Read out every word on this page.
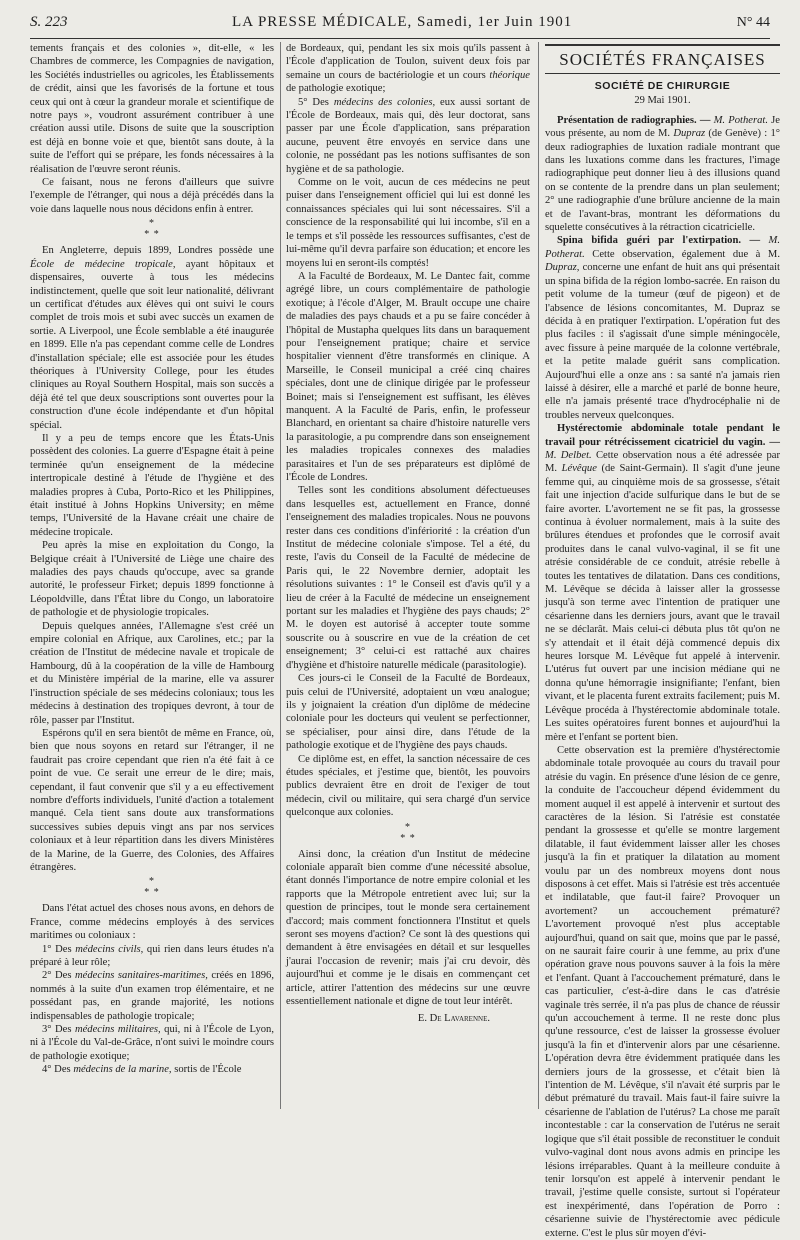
S. 223	LA PRESSE MÉDICALE, Samedi, 1er Juin 1901	N° 44

tements français et des colonies », dit-elle, « les Chambres de commerce, les Compagnies de navigation, les Sociétés industrielles ou agricoles, les Établissements de crédit, ainsi que les favorisés de la fortune et tous ceux qui ont à cœur la grandeur morale et scientifique de notre pays », voudront assurément contribuer à une création aussi utile. Disons de suite que la souscription est déjà en bonne voie et que, bientôt sans doute, à la suite de l'effort qui se prépare, les fonds nécessaires à la réalisation de l'œuvre seront réunis.

Ce faisant, nous ne ferons d'ailleurs que suivre l'exemple de l'étranger, qui nous a déjà précédés dans la voie dans laquelle nous nous décidons enfin à entrer.

*
* *

En Angleterre, depuis 1899, Londres possède une École de médecine tropicale, ayant hôpitaux et dispensaires, ouverte à tous les médecins indistinctement, quelle que soit leur nationalité, délivrant un certificat d'études aux élèves qui ont suivi le cours complet de trois mois et subi avec succès un examen de sortie. A Liverpool, une École semblable a été inaugurée en 1899. Elle n'a pas cependant comme celle de Londres d'installation spéciale; elle est associée pour les études théoriques à l'University College, pour les études cliniques au Royal Southern Hospital, mais son succès a déjà été tel que deux souscriptions sont ouvertes pour la construction d'une école indépendante et d'un hôpital spécial.

Il y a peu de temps encore que les États-Unis possèdent des colonies. La guerre d'Espagne était à peine terminée qu'un enseignement de la médecine intertropicale destiné à l'étude de l'hygiène et des maladies propres à Cuba, Porto-Rico et les Philippines, était institué à Johns Hopkins University; en même temps, l'Université de la Havane créait une chaire de médecine tropicale.

Peu après la mise en exploitation du Congo, la Belgique créait à l'Université de Liège une chaire des maladies des pays chauds qu'occupe, avec sa grande autorité, le professeur Firket; depuis 1899 fonctionne à Léopoldville, dans l'État libre du Congo, un laboratoire de pathologie et de physiologie tropicales.

Depuis quelques années, l'Allemagne s'est créé un empire colonial en Afrique, aux Carolines, etc.; par la création de l'Institut de médecine navale et tropicale de Hambourg, dû à la coopération de la ville de Hambourg et du Ministère impérial de la marine, elle va assurer l'instruction spéciale de ses médecins coloniaux; tous les médecins à destination des tropiques devront, à tour de rôle, passer par l'Institut.

Espérons qu'il en sera bientôt de même en France, où, bien que nous soyons en retard sur l'étranger, il ne faudrait pas croire cependant que rien n'a été fait à ce point de vue. Ce serait une erreur de le dire; mais, cependant, il faut convenir que s'il y a eu effectivement nombre d'efforts individuels, l'unité d'action a totalement manqué. Cela tient sans doute aux transformations successives subies depuis vingt ans par nos services coloniaux et à leur répartition dans les divers Ministères de la Marine, de la Guerre, des Colonies, des Affaires étrangères.

*
* *

Dans l'état actuel des choses nous avons, en dehors de France, comme médecins employés à des services maritimes ou coloniaux :

1° Des médecins civils, qui rien dans leurs études n'a préparé à leur rôle;

2° Des médecins sanitaires-maritimes, créés en 1896, nommés à la suite d'un examen trop élémentaire, et ne possédant pas, en grande majorité, les notions indispensables de pathologie tropicale;

3° Des médecins militaires, qui, ni à l'École de Lyon, ni à l'École du Val-de-Grâce, n'ont suivi le moindre cours de pathologie exotique;

4° Des médecins de la marine, sortis de l'École

de Bordeaux, qui, pendant les six mois qu'ils passent à l'École d'application de Toulon, suivent deux fois par semaine un cours de bactériologie et un cours théorique de pathologie exotique;

5° Des médecins des colonies, eux aussi sortant de l'École de Bordeaux, mais qui, dès leur doctorat, sans passer par une École d'application, sans préparation aucune, peuvent être envoyés en service dans une colonie, ne possédant pas les notions suffisantes de son hygiène et de sa pathologie.

Comme on le voit, aucun de ces médecins ne peut puiser dans l'enseignement officiel qui lui est donné les connaissances spéciales qui lui sont nécessaires. S'il a conscience de la responsabilité qui lui incombe, s'il en a le temps et s'il possède les ressources suffisantes, c'est de lui-même qu'il devra parfaire son éducation; et encore les moyens lui en seront-ils comptés!

A la Faculté de Bordeaux, M. Le Dantec fait, comme agrégé libre, un cours complémentaire de pathologie exotique; à l'école d'Alger, M. Brault occupe une chaire de maladies des pays chauds et a pu se faire concéder à l'hôpital de Mustapha quelques lits dans un baraquement pour l'enseignement pratique; chaire et service hospitalier viennent d'être transformés en clinique. A Marseille, le Conseil municipal a créé cinq chaires spéciales, dont une de clinique dirigée par le professeur Boinet; mais si l'enseignement est suffisant, les élèves manquent. A la Faculté de Paris, enfin, le professeur Blanchard, en orientant sa chaire d'histoire naturelle vers la parasitologie, a pu comprendre dans son enseignement les maladies tropicales connexes des maladies parasitaires et l'un de ses préparateurs est diplômé de l'École de Londres.

Telles sont les conditions absolument défectueuses dans lesquelles est, actuellement en France, donné l'enseignement des maladies tropicales. Nous ne pouvons rester dans ces conditions d'infériorité : la création d'un Institut de médecine coloniale s'impose. Tel a été, du reste, l'avis du Conseil de la Faculté de médecine de Paris qui, le 22 Novembre dernier, adoptait les résolutions suivantes : 1° le Conseil est d'avis qu'il y a lieu de créer à la Faculté de médecine un enseignement portant sur les maladies et l'hygiène des pays chauds; 2° M. le doyen est autorisé à accepter toute somme souscrite ou à souscrire en vue de la création de cet enseignement; 3° celui-ci est rattaché aux chaires d'hygiène et d'histoire naturelle médicale (parasitologie).

Ces jours-ci le Conseil de la Faculté de Bordeaux, puis celui de l'Université, adoptaient un vœu analogue; ils y joignaient la création d'un diplôme de médecine coloniale pour les docteurs qui veulent se perfectionner, se spécialiser, pour ainsi dire, dans l'étude de la pathologie exotique et de l'hygiène des pays chauds.

Ce diplôme est, en effet, la sanction nécessaire de ces études spéciales, et j'estime que, bientôt, les pouvoirs publics devraient être en droit de l'exiger de tout médecin, civil ou militaire, qui sera chargé d'un service quelconque aux colonies.

*
* *

Ainsi donc, la création d'un Institut de médecine coloniale apparaît bien comme d'une nécessité absolue, étant donnés l'importance de notre empire colonial et les rapports que la Métropole entretient avec lui; sur la question de principes, tout le monde sera certainement d'accord; mais comment fonctionnera l'Institut et quels seront ses moyens d'action? Ce sont là des questions qui demandent à être envisagées en détail et sur lesquelles j'aurai l'occasion de revenir; mais j'ai cru devoir, dès aujourd'hui et comme je le disais en commençant cet article, attirer l'attention des médecins sur une œuvre essentiellement nationale et digne de tout leur intérêt.

E. De Lavarenne.

SOCIÉTÉS FRANÇAISES
SOCIÉTÉ DE CHIRURGIE
29 Mai 1901.

Présentation de radiographies. — M. Potherat. Je vous présente, au nom de M. Dupraz (de Genève) : 1° deux radiographies de luxation radiale montrant que dans les luxations comme dans les fractures, l'image radiographique peut donner lieu à des illusions quand on se contente de la prendre dans un plan seulement; 2° une radiographie d'une brûlure ancienne de la main et de l'avant-bras, montrant les déformations du squelette consécutives à la rétraction cicatricielle.

Spina bifida guéri par l'extirpation. — M. Potherat. Cette observation, également due à M. Dupraz, concerne une enfant de huit ans qui présentait un spina bifida de la région lombo-sacrée. En raison du petit volume de la tumeur (œuf de pigeon) et de l'absence de lésions concomitantes, M. Dupraz se décida à en pratiquer l'extirpation. L'opération fut des plus faciles : il s'agissait d'une simple méningocèle, avec fissure à peine marquée de la colonne vertébrale, et la petite malade guérit sans complication. Aujourd'hui elle a onze ans : sa santé n'a jamais rien laissé à désirer, elle a marché et parlé de bonne heure, elle n'a jamais présenté trace d'hydrocéphalie ni de troubles nerveux quelconques.

Hystérectomie abdominale totale pendant le travail pour rétrécissement cicatriciel du vagin. — M. Delbet. Cette observation nous a été adressée par M. Lévêque (de Saint-Germain). Il s'agit d'une jeune femme qui, au cinquième mois de sa grossesse, s'était fait une injection d'acide sulfurique dans le but de se faire avorter. L'avortement ne se fit pas, la grossesse continua à évoluer normalement, mais à la suite des brûlures étendues et profondes que le corrosif avait produites dans le canal vulvo-vaginal, il se fit une atrésie considérable de ce conduit, atrésie rebelle à toutes les tentatives de dilatation. Dans ces conditions, M. Lévêque se décida à laisser aller la grossesse jusqu'à son terme avec l'intention de pratiquer une césarienne dans les derniers jours, avant que le travail ne se déclarât. Mais celui-ci débuta plus tôt qu'on ne s'y attendait et il était déjà commencé depuis dix heures lorsque M. Lévêque fut appelé à intervenir. L'utérus fut ouvert par une incision médiane qui ne donna qu'une hémorragie insignifiante; l'enfant, bien vivant, et le placenta furent extraits facilement; puis M. Lévêque procéda à l'hystérectomie abdominale totale. Les suites opératoires furent bonnes et aujourd'hui la mère et l'enfant se portent bien.

Cette observation est la première d'hystérectomie abdominale totale provoquée au cours du travail pour atrésie du vagin. En présence d'une lésion de ce genre, la conduite de l'accoucheur dépend évidemment du moment auquel il est appelé à intervenir et surtout des caractères de la lésion. Si l'atrésie est constatée pendant la grossesse et qu'elle se montre largement dilatable, il faut évidemment laisser aller les choses jusqu'à la fin et pratiquer la dilatation au moment voulu par un des nombreux moyens dont nous disposons à cet effet. Mais si l'atrésie est très accentuée et indilatable, que faut-il faire? Provoquer un avortement? un accouchement prématuré? L'avortement provoqué n'est plus acceptable aujourd'hui, quand on sait que, moins que par le passé, on ne saurait faire courir à une femme, au prix d'une opération grave nous pouvons sauver à la fois la mère et l'enfant. Quant à l'accouchement prématuré, dans le cas particulier, c'est-à-dire dans le cas d'atrésie vaginale très serrée, il n'a pas plus de chance de réussir qu'un accouchement à terme. Il ne reste donc plus qu'une ressource, c'est de laisser la grossesse évoluer jusqu'à la fin et d'intervenir alors par une césarienne. L'opération devra être évidemment pratiquée dans les derniers jours de la grossesse, et c'était bien là l'intention de M. Lévêque, s'il n'avait été surpris par le début prématuré du travail. Mais faut-il faire suivre la césarienne de l'ablation de l'utérus? La chose me paraît incontestable : car la conservation de l'utérus ne serait logique que s'il était possible de reconstituer le conduit vulvo-vaginal dont nous avons admis en principe les lésions irréparables. Quant à la meilleure conduite à tenir lorsqu'on est appelé à intervenir pendant le travail, j'estime quelle consiste, surtout si l'opérateur est inexpérimenté, dans l'opération de Porro : césarienne suivie de l'hystérectomie avec pédicule externe. C'est le plus sûr moyen d'évi-
